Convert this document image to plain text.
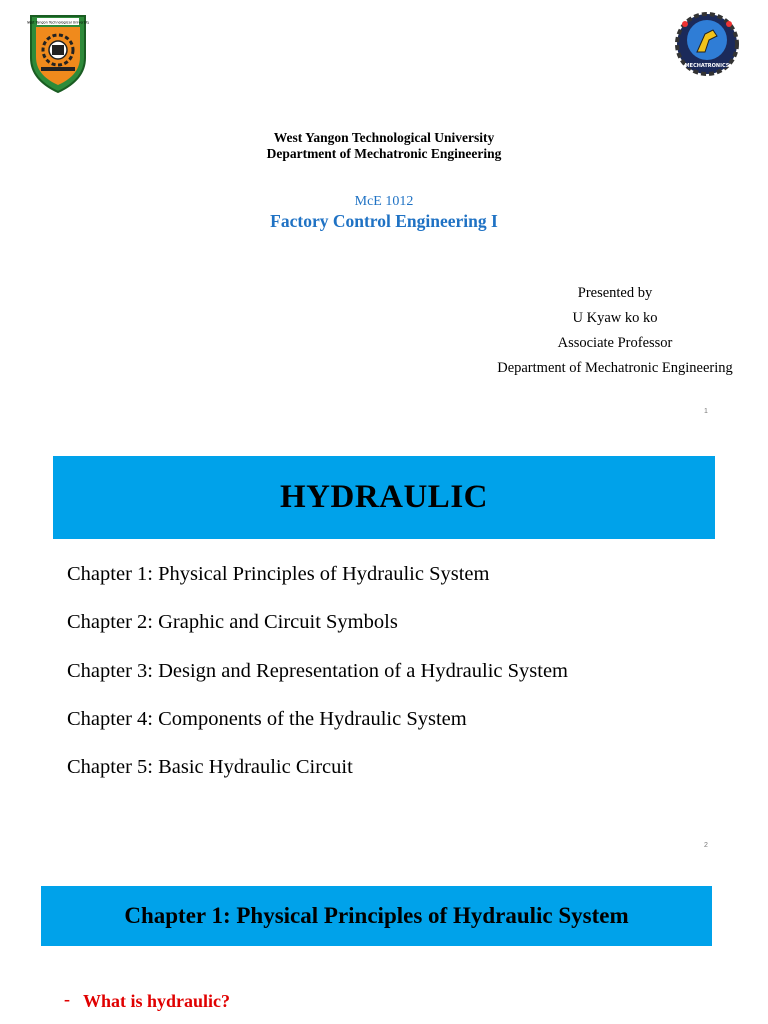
West Yangon Technological University
MECHATRONICS
West Yangon Technological University
Department of Mechatronic Engineering
McE 1012
Factory Control Engineering I
Presented by
U Kyaw ko ko
Associate Professor
Department of Mechatronic Engineering
1
HYDRAULIC
Chapter 1: Physical Principles of Hydraulic System
Chapter 2: Graphic and Circuit Symbols
Chapter 3: Design and Representation of a Hydraulic System
Chapter 4: Components of the Hydraulic System
Chapter 5: Basic Hydraulic Circuit
2
Chapter 1: Physical Principles of Hydraulic System
- What is hydraulic?
